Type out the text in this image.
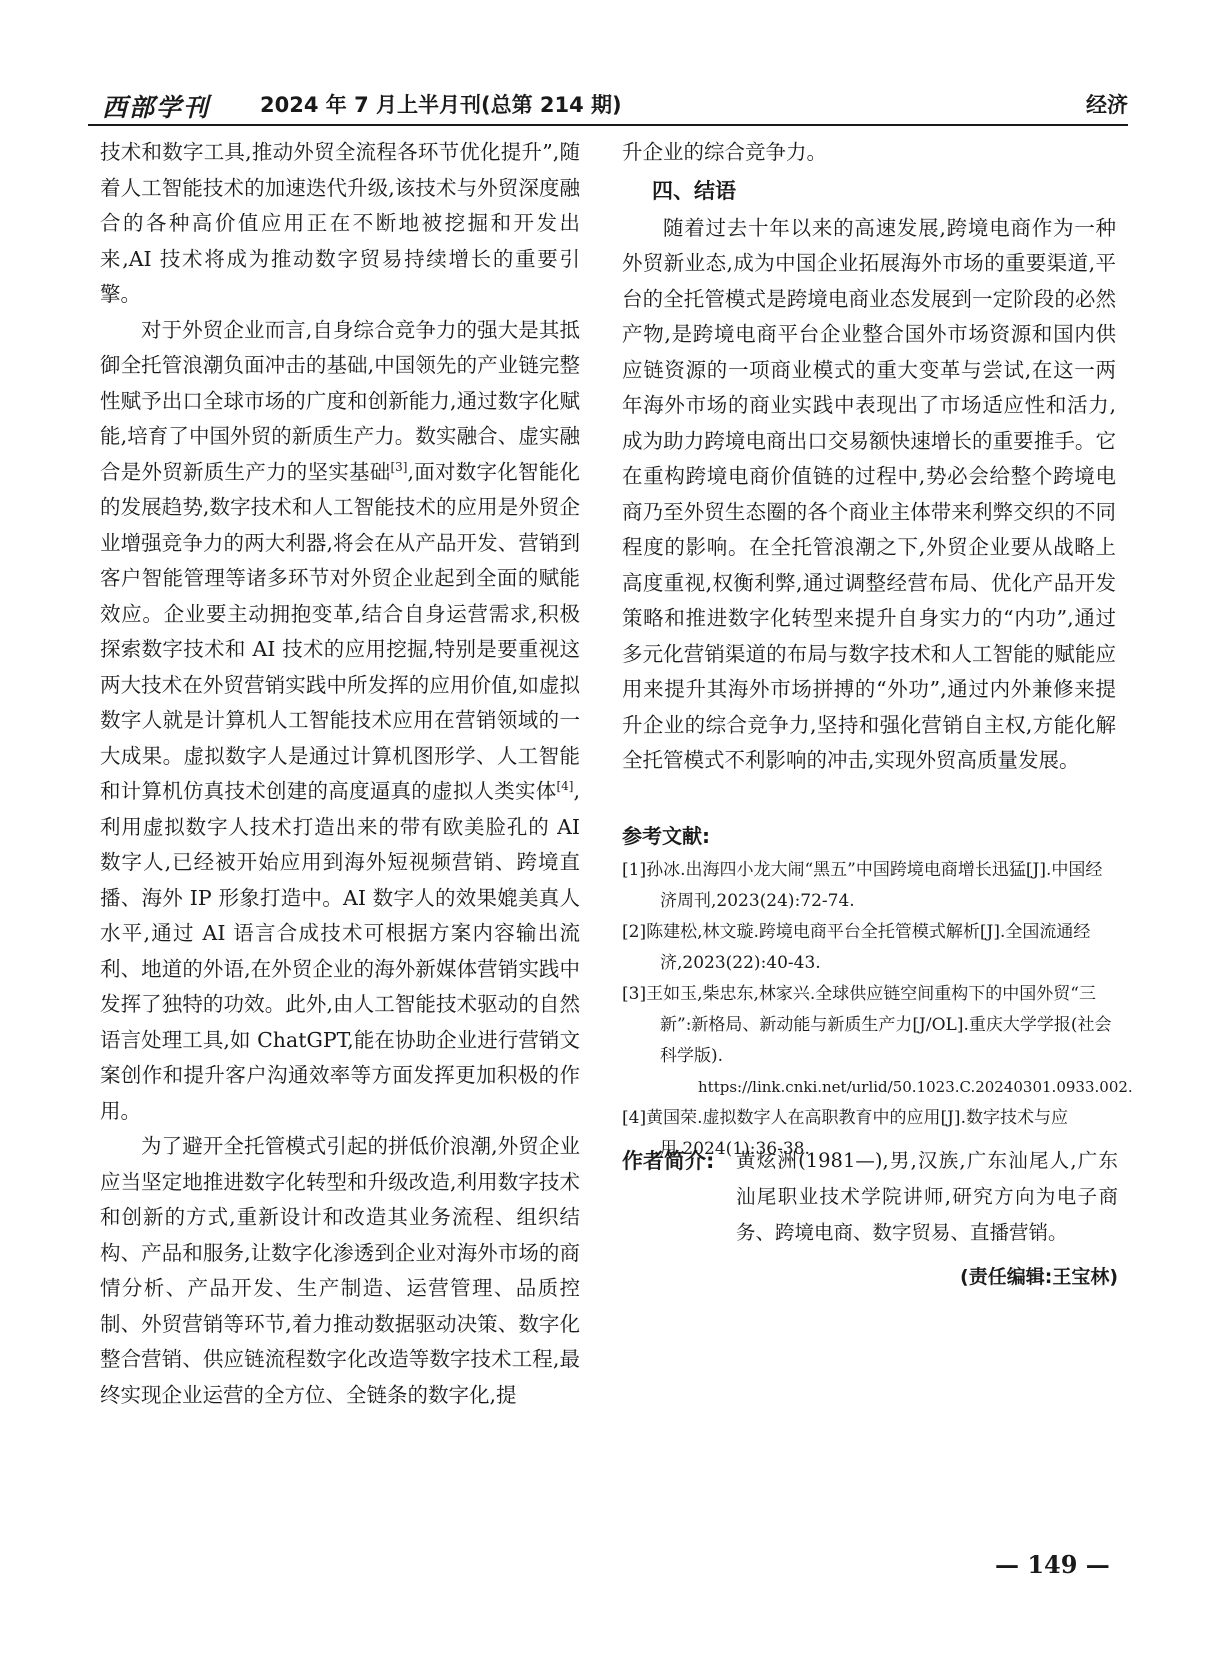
西部学刊 2024 年 7 月上半月刊(总第 214 期)	经济

技术和数字工具,推动外贸全流程各环节优化提升”,随着人工智能技术的加速迭代升级,该技术与外贸深度融合的各种高价值应用正在不断地被挖掘和开发出来,AI 技术将成为推动数字贸易持续增长的重要引擎。

对于外贸企业而言,自身综合竞争力的强大是其抵御全托管浪潮负面冲击的基础,中国领先的产业链完整性赋予出口全球市场的广度和创新能力,通过数字化赋能,培育了中国外贸的新质生产力。数实融合、虚实融合是外贸新质生产力的坚实基础[3],面对数字化智能化的发展趋势,数字技术和人工智能技术的应用是外贸企业增强竞争力的两大利器,将会在从产品开发、营销到客户智能管理等诸多环节对外贸企业起到全面的赋能效应。企业要主动拥抱变革,结合自身运营需求,积极探索数字技术和 AI 技术的应用挖掘,特别是要重视这两大技术在外贸营销实践中所发挥的应用价值,如虚拟数字人就是计算机人工智能技术应用在营销领域的一大成果。虚拟数字人是通过计算机图形学、人工智能和计算机仿真技术创建的高度逼真的虚拟人类实体[4],利用虚拟数字人技术打造出来的带有欧美脸孔的 AI 数字人,已经被开始应用到海外短视频营销、跨境直播、海外 IP 形象打造中。AI 数字人的效果媲美真人水平,通过 AI 语言合成技术可根据方案内容输出流利、地道的外语,在外贸企业的海外新媒体营销实践中发挥了独特的功效。此外,由人工智能技术驱动的自然语言处理工具,如 ChatGPT,能在协助企业进行营销文案创作和提升客户沟通效率等方面发挥更加积极的作用。

为了避开全托管模式引起的拼低价浪潮,外贸企业应当坚定地推进数字化转型和升级改造,利用数字技术和创新的方式,重新设计和改造其业务流程、组织结构、产品和服务,让数字化渗透到企业对海外市场的商情分析、产品开发、生产制造、运营管理、品质控制、外贸营销等环节,着力推动数据驱动决策、数字化整合营销、供应链流程数字化改造等数字技术工程,最终实现企业运营的全方位、全链条的数字化,提

升企业的综合竞争力。

四、结语

随着过去十年以来的高速发展,跨境电商作为一种外贸新业态,成为中国企业拓展海外市场的重要渠道,平台的全托管模式是跨境电商业态发展到一定阶段的必然产物,是跨境电商平台企业整合国外市场资源和国内供应链资源的一项商业模式的重大变革与尝试,在这一两年海外市场的商业实践中表现出了市场适应性和活力,成为助力跨境电商出口交易额快速增长的重要推手。它在重构跨境电商价值链的过程中,势必会给整个跨境电商乃至外贸生态圈的各个商业主体带来利弊交织的不同程度的影响。在全托管浪潮之下,外贸企业要从战略上高度重视,权衡利弊,通过调整经营布局、优化产品开发策略和推进数字化转型来提升自身实力的“内功”,通过多元化营销渠道的布局与数字技术和人工智能的赋能应用来提升其海外市场拼搏的“外功”,通过内外兼修来提升企业的综合竞争力,坚持和强化营销自主权,方能化解全托管模式不利影响的冲击,实现外贸高质量发展。

参考文献:
[1]孙冰.出海四小龙大闹“黑五”中国跨境电商增长迅猛[J].中国经济周刊,2023(24):72-74.
[2]陈建松,林文璇.跨境电商平台全托管模式解析[J].全国流通经济,2023(22):40-43.
[3]王如玉,柴忠东,林家兴.全球供应链空间重构下的中国外贸“三新”:新格局、新动能与新质生产力[J/OL].重庆大学学报(社会科学版).
https://link.cnki.net/urlid/50.1023.C.20240301.0933.002.
[4]黄国荣.虚拟数字人在高职教育中的应用[J].数字技术与应用,2024(1):36-38.
作者简介: 黄炫洲(1981—),男,汉族,广东汕尾人,广东汕尾职业技术学院讲师,研究方向为电子商务、跨境电商、数字贸易、直播营销。

(责任编辑:王宝林)
— 149 —
